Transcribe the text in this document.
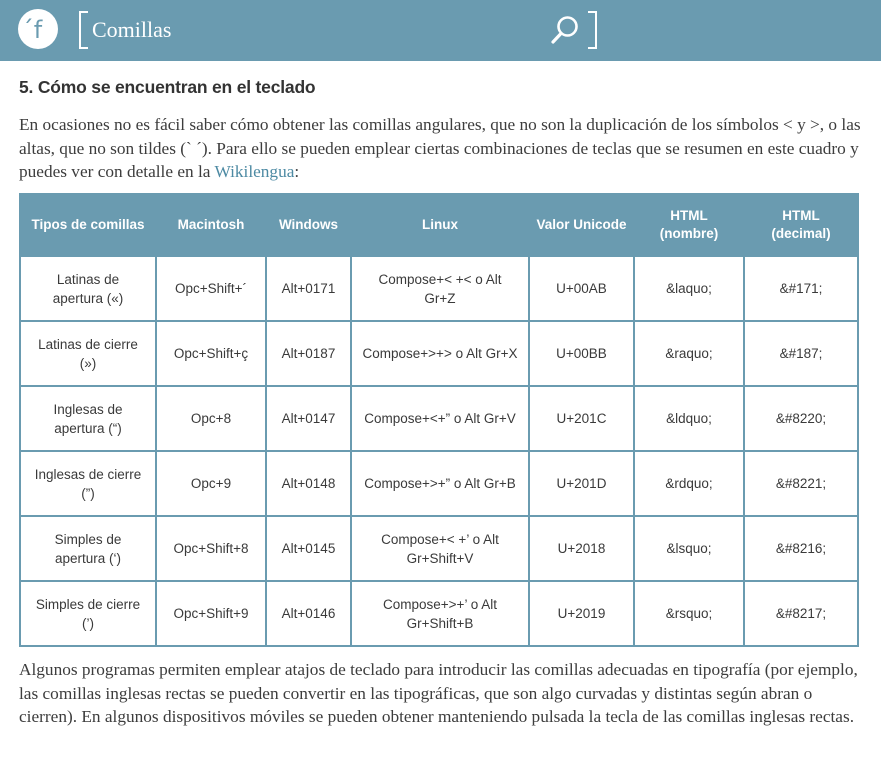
́f Comillas
5. Cómo se encuentran en el teclado

En ocasiones no es fácil saber cómo obtener las comillas angulares, que no son la duplicación de los símbolos < y >, o las altas, que no son tildes (` ´). Para ello se pueden emplear ciertas combinaciones de teclas que se resumen en este cuadro y puedes ver con detalle en la Wikilengua:

Tipos de comillas	Macintosh	Windows	Linux	Valor Unicode	HTML (nombre)	HTML (decimal)
Latinas de apertura («)	Opc+Shift+´	Alt+0171	Compose+< +< o Alt Gr+Z	U+00AB	&laquo;	&#171;
Latinas de cierre (»)	Opc+Shift+ç	Alt+0187	Compose+>+> o Alt Gr+X	U+00BB	&raquo;	&#187;
Inglesas de apertura (“)	Opc+8	Alt+0147	Compose+<+” o Alt Gr+V	U+201C	&ldquo;	&#8220;
Inglesas de cierre (”)	Opc+9	Alt+0148	Compose+>+” o Alt Gr+B	U+201D	&rdquo;	&#8221;
Simples de apertura (‘)	Opc+Shift+8	Alt+0145	Compose+< +’ o Alt Gr+Shift+V	U+2018	&lsquo;	&#8216;
Simples de cierre (’)	Opc+Shift+9	Alt+0146	Compose+>+’ o Alt Gr+Shift+B	U+2019	&rsquo;	&#8217;

Algunos programas permiten emplear atajos de teclado para introducir las comillas adecuadas en tipografía (por ejemplo, las comillas inglesas rectas se pueden convertir en las tipográficas, que son algo curvadas y distintas según abran o cierren). En algunos dispositivos móviles se pueden obtener manteniendo pulsada la tecla de las comillas inglesas rectas.
